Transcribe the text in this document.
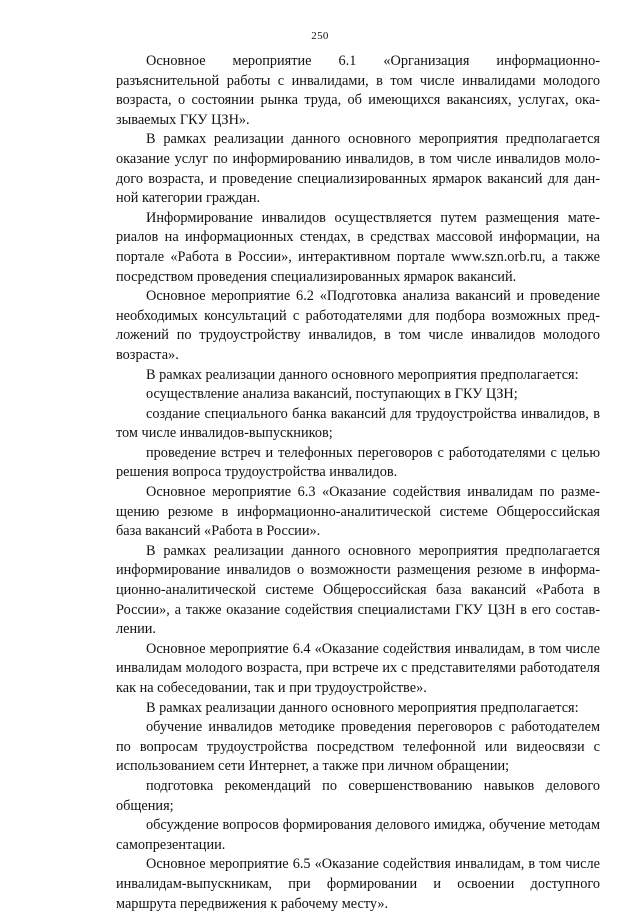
250

Основное мероприятие 6.1 «Организация информационно-разъяснительной работы с инвалидами, в том числе инвалидами молодого возраста, о состоянии рынка труда, об имеющихся вакансиях, услугах, оказываемых ГКУ ЦЗН».

В рамках реализации данного основного мероприятия предполагается оказание услуг по информированию инвалидов, в том числе инвалидов молодого возраста, и проведение специализированных ярмарок вакансий для данной категории граждан.

Информирование инвалидов осуществляется путем размещения материалов на информационных стендах, в средствах массовой информации, на портале «Работа в России», интерактивном портале www.szn.orb.ru, а также посредством проведения специализированных ярмарок вакансий.

Основное мероприятие 6.2 «Подготовка анализа вакансий и проведение необходимых консультаций с работодателями для подбора возможных предложений по трудоустройству инвалидов, в том числе инвалидов молодого возраста».

В рамках реализации данного основного мероприятия предполагается:

осуществление анализа вакансий, поступающих в ГКУ ЦЗН;

создание специального банка вакансий для трудоустройства инвалидов, в том числе инвалидов-выпускников;

проведение встреч и телефонных переговоров с работодателями с целью решения вопроса трудоустройства инвалидов.

Основное мероприятие 6.3 «Оказание содействия инвалидам по размещению резюме в информационно-аналитической системе Общероссийская база вакансий «Работа в России».

В рамках реализации данного основного мероприятия предполагается информирование инвалидов о возможности размещения резюме в информационно-аналитической системе Общероссийская база вакансий «Работа в России», а также оказание содействия специалистами ГКУ ЦЗН в его составлении.

Основное мероприятие 6.4 «Оказание содействия инвалидам, в том числе инвалидам молодого возраста, при встрече их с представителями работодателя как на собеседовании, так и при трудоустройстве».

В рамках реализации данного основного мероприятия предполагается:

обучение инвалидов методике проведения переговоров с работодателем по вопросам трудоустройства посредством телефонной или видеосвязи с использованием сети Интернет, а также при личном обращении;

подготовка рекомендаций по совершенствованию навыков делового общения;

обсуждение вопросов формирования делового имиджа, обучение методам самопрезентации.

Основное мероприятие 6.5 «Оказание содействия инвалидам, в том числе инвалидам-выпускникам, при формировании и освоении доступного маршрута передвижения к рабочему месту».
